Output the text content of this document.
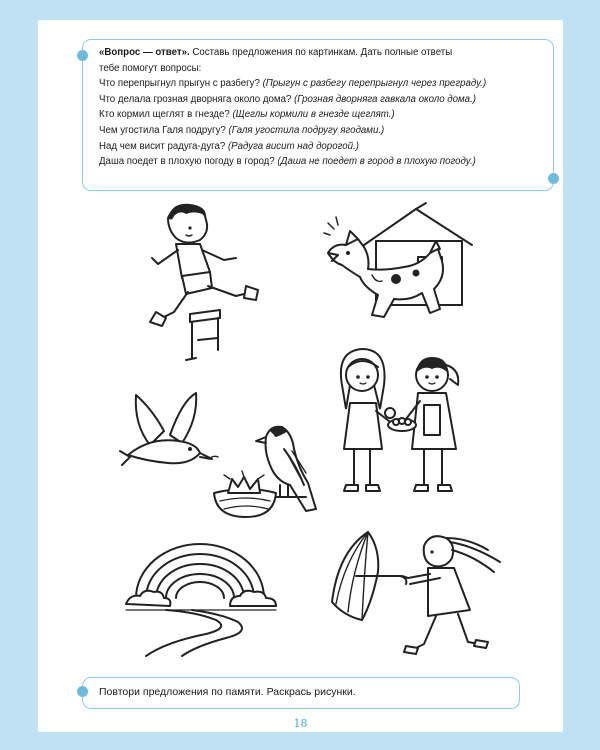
«Вопрос — ответ». Составь предложения по картинкам. Дать полные ответы

тебе помогут вопросы:

Что перепрыгнул прыгун с разбегу? (Прыгун с разбегу перепрыгнул через преграду.)

Что делала грозная дворняга около дома? (Грозная дворняга гавкала около дома.)

Кто кормил щеглят в гнезде? (Щеглы кормили в гнезде щеглят.)

Чем угостила Галя подругу? (Галя угостила подругу ягодами.)

Над чем висит радуга-дуга? (Радуга висит над дорогой.)

Даша поедет в плохую погоду в город? (Даша не поедет в город в плохую погоду.)

Повтори предложения по памяти. Раскрась рисунки.
18
